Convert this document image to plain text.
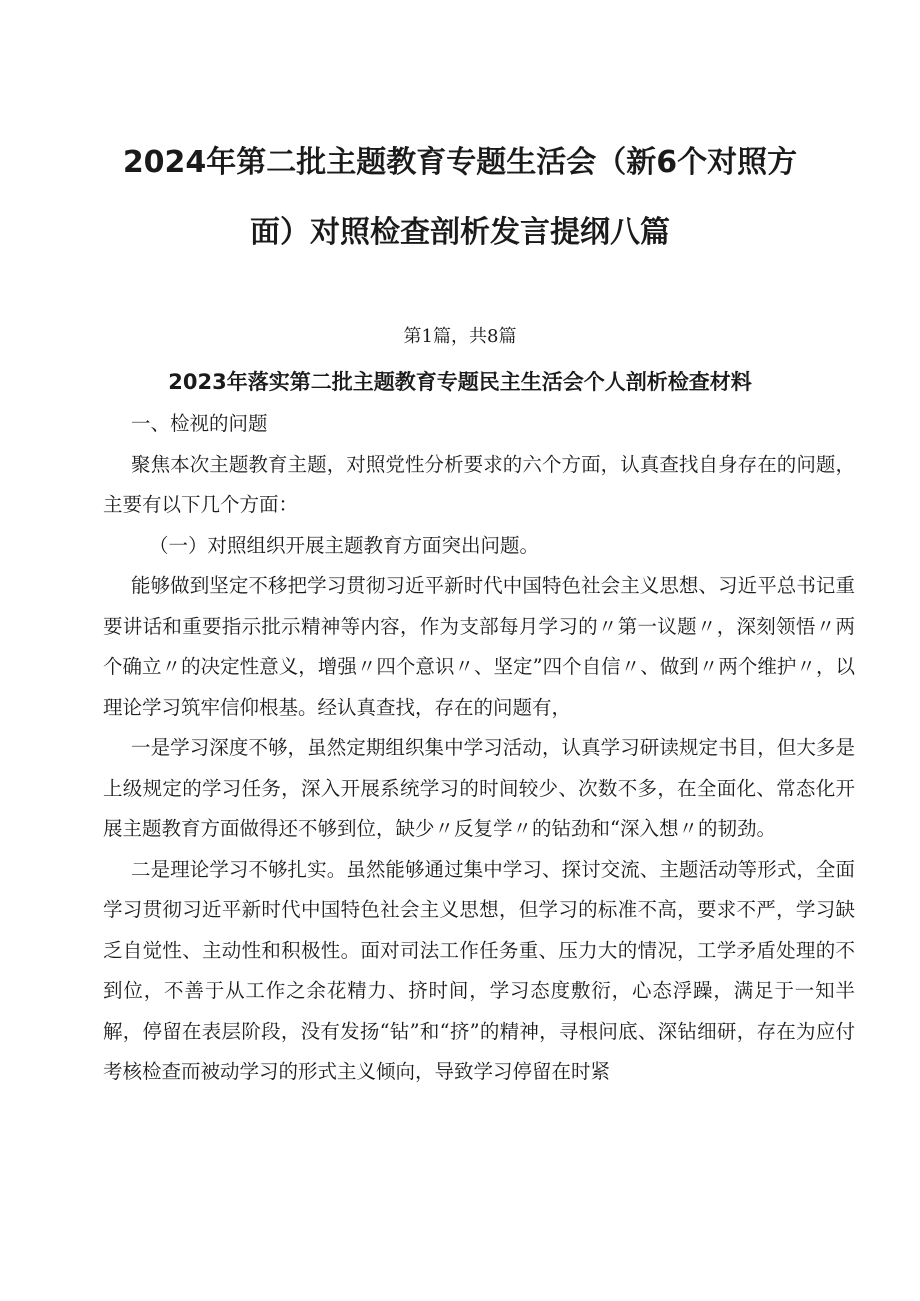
2024年第二批主题教育专题生活会（新6个对照方
面）对照检查剖析发言提纲八篇

第1篇，共8篇

2023年落实第二批主题教育专题民主生活会个人剖析检查材料

一、检视的问题

聚焦本次主题教育主题，对照党性分析要求的六个方面，认真查找自身存在的问题，主要有以下几个方面：

（一）对照组织开展主题教育方面突出问题。

能够做到坚定不移把学习贯彻习近平新时代中国特色社会主义思想、习近平总书记重要讲话和重要指示批示精神等内容，作为支部每月学习的〃第一议题〃，深刻领悟〃两个确立〃的决定性意义，增强〃四个意识〃、坚定”四个自信〃、做到〃两个维护〃，以理论学习筑牢信仰根基。经认真查找，存在的问题有，

一是学习深度不够，虽然定期组织集中学习活动，认真学习研读规定书目，但大多是上级规定的学习任务，深入开展系统学习的时间较少、次数不多，在全面化、常态化开展主题教育方面做得还不够到位，缺少〃反复学〃的钻劲和“深入想〃的韧劲。

二是理论学习不够扎实。虽然能够通过集中学习、探讨交流、主题活动等形式，全面学习贯彻习近平新时代中国特色社会主义思想，但学习的标准不高，要求不严，学习缺乏自觉性、主动性和积极性。面对司法工作任务重、压力大的情况，工学矛盾处理的不到位，不善于从工作之余花精力、挤时间，学习态度敷衍，心态浮躁，满足于一知半解，停留在表层阶段，没有发扬“钻”和“挤”的精神，寻根问底、深钻细研，存在为应付考核检查而被动学习的形式主义倾向，导致学习停留在时紧
